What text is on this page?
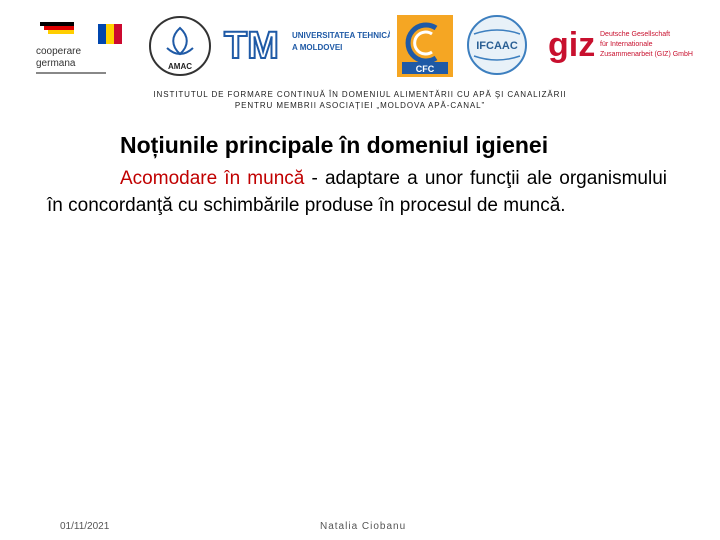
cooperare
germana	AMAC TM UNIVERSITATEA TEHNICĂ
A MOLDOVEI
CFC
IFCAAC giz Deutsche Gesellschaft
für Internationale
Zusammenarbeit (GIZ) GmbH
INSTITUTUL DE FORMARE CONTINUĂ ÎN DOMENIUL ALIMENTĂRII CU APĂ ŞI CANALIZĂRII
PENTRU MEMBRII ASOCIAȚIEI „MOLDOVA APĂ-CANAL”
Noțiunile principale în domeniul igienei
Acomodare în muncă - adaptare a unor funcţii ale organismului în concordanţă cu schimbările produse în procesul de muncă.
01/11/2021	Natalia Ciobanu
